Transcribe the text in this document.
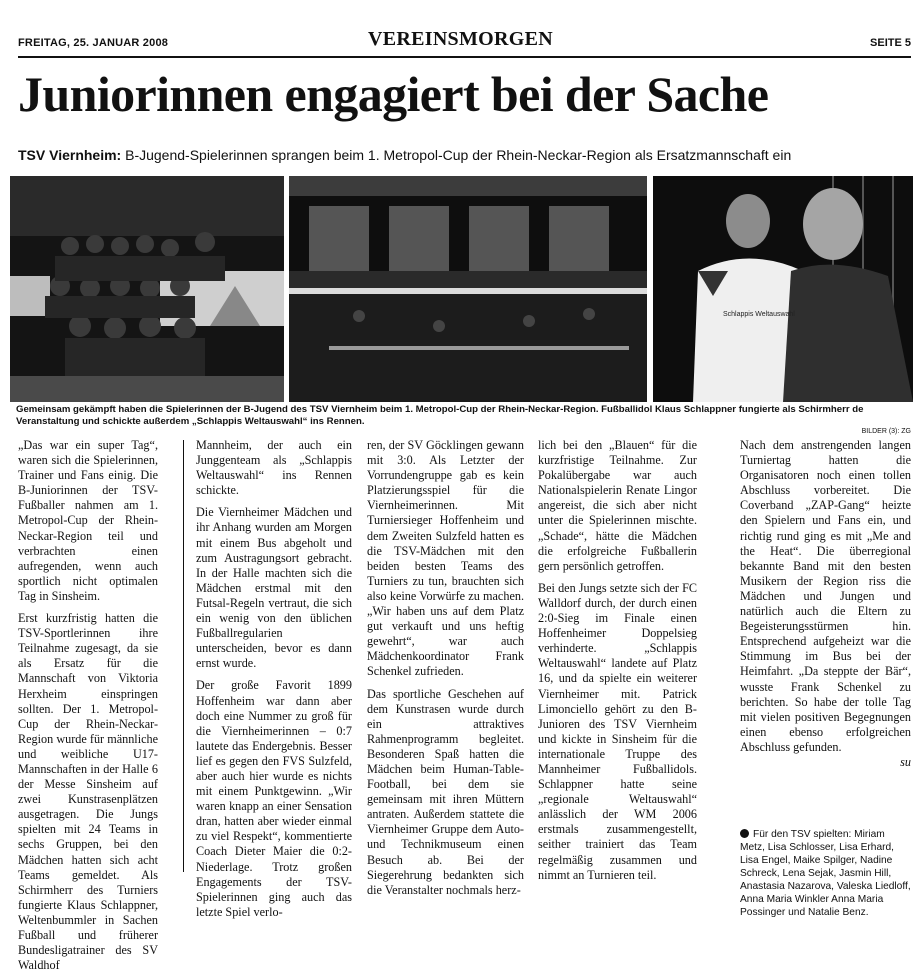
FREITAG, 25. JANUAR 2008	VEREINSMORGEN	SEITE 5
Juniorinnen engagiert bei der Sache
TSV Viernheim: B-Jugend-Spielerinnen sprangen beim 1. Metropol-Cup der Rhein-Neckar-Region als Ersatzmannschaft ein
Schlappis Weltauswahl
Gemeinsam gekämpft haben die Spielerinnen der B-Jugend des TSV Viernheim beim 1. Metropol-Cup der Rhein-Neckar-Region. Fußballidol Klaus Schlappner fungierte als Schirmherr de Veranstaltung und schickte außerdem „Schlappis Weltauswahl“ ins Rennen.
BILDER (3): ZG

„Das war ein super Tag“, waren sich die Spielerinnen, Trainer und Fans einig. Die B-Juniorinnen der TSV-Fußballer nahmen am 1. Metropol-Cup der Rhein-Neckar-Region teil und verbrachten einen aufregenden, wenn auch sportlich nicht optimalen Tag in Sinsheim.

Erst kurzfristig hatten die TSV-Sportlerinnen ihre Teilnahme zugesagt, da sie als Ersatz für die Mannschaft von Viktoria Herxheim einspringen sollten. Der 1. Metropol-Cup der Rhein-Neckar-Region wurde für männliche und weibliche U17-Mannschaften in der Halle 6 der Messe Sinsheim auf zwei Kunstrasenplätzen ausgetragen. Die Jungs spielten mit 24 Teams in sechs Gruppen, bei den Mädchen hatten sich acht Teams gemeldet. Als Schirmherr des Turniers fungierte Klaus Schlappner, Weltenbummler in Sachen Fußball und früherer Bundesligatrainer des SV Waldhof

Mannheim, der auch ein Junggenteam als „Schlappis Weltauswahl“ ins Rennen schickte.

Die Viernheimer Mädchen und ihr Anhang wurden am Morgen mit einem Bus abgeholt und zum Austragungsort gebracht. In der Halle machten sich die Mädchen erstmal mit den Futsal-Regeln vertraut, die sich ein wenig von den üblichen Fußballregularien unterscheiden, bevor es dann ernst wurde.

Der große Favorit 1899 Hoffenheim war dann aber doch eine Nummer zu groß für die Viernheimerinnen – 0:7 lautete das Endergebnis. Besser lief es gegen den FVS Sulzfeld, aber auch hier wurde es nichts mit einem Punktgewinn. „Wir waren knapp an einer Sensation dran, hatten aber wieder einmal zu viel Respekt“, kommentierte Coach Dieter Maier die 0:2-Niederlage. Trotz großen Engagements der TSV-Spielerinnen ging auch das letzte Spiel verlo-

ren, der SV Göcklingen gewann mit 3:0. Als Letzter der Vorrundengruppe gab es kein Platzierungsspiel für die Viernheimerinnen. Mit Turniersieger Hoffenheim und dem Zweiten Sulzfeld hatten es die TSV-Mädchen mit den beiden besten Teams des Turniers zu tun, brauchten sich also keine Vorwürfe zu machen. „Wir haben uns auf dem Platz gut verkauft und uns heftig gewehrt“, war auch Mädchenkoordinator Frank Schenkel zufrieden.

Das sportliche Geschehen auf dem Kunstrasen wurde durch ein attraktives Rahmenprogramm begleitet. Besonderen Spaß hatten die Mädchen beim Human-Table-Football, bei dem sie gemeinsam mit ihren Müttern antraten. Außerdem stattete die Viernheimer Gruppe dem Auto- und Technikmuseum einen Besuch ab. Bei der Siegerehrung bedankten sich die Veranstalter nochmals herz-

lich bei den „Blauen“ für die kurzfristige Teilnahme. Zur Pokalübergabe war auch Nationalspielerin Renate Lingor angereist, die sich aber nicht unter die Spielerinnen mischte. „Schade“, hätte die Mädchen die erfolgreiche Fußballerin gern persönlich getroffen.

Bei den Jungs setzte sich der FC Walldorf durch, der durch einen 2:0-Sieg im Finale einen Hoffenheimer Doppelsieg verhinderte. „Schlappis Weltauswahl“ landete auf Platz 16, und da spielte ein weiterer Viernheimer mit. Patrick Limonciello gehört zu den B-Junioren des TSV Viernheim und kickte in Sinsheim für die internationale Truppe des Mannheimer Fußballidols. Schlappner hatte seine „regionale Weltauswahl“ anlässlich der WM 2006 erstmals zusammengestellt, seither trainiert das Team regelmäßig zusammen und nimmt an Turnieren teil.

Nach dem anstrengenden langen Turniertag hatten die Organisatoren noch einen tollen Abschluss vorbereitet. Die Coverband „ZAP-Gang“ heizte den Spielern und Fans ein, und richtig rund ging es mit „Me and the Heat“. Die überregional bekannte Band mit den besten Musikern der Region riss die Mädchen und Jungen und natürlich auch die Eltern zu Begeisterungsstürmen hin. Entsprechend aufgeheizt war die Stimmung im Bus bei der Heimfahrt. „Da steppte der Bär“, wusste Frank Schenkel zu berichten. So habe der tolle Tag mit vielen positiven Begegnungen einen ebenso erfolgreichen Abschluss gefunden.
su

Für den TSV spielten: Miriam Metz, Lisa Schlosser, Lisa Erhard, Lisa Engel, Maike Spilger, Nadine Schreck, Lena Sejak, Jasmin Hill, Anastasia Nazarova, Valeska Liedloff, Anna Maria Winkler Anna Maria Possinger und Natalie Benz.
